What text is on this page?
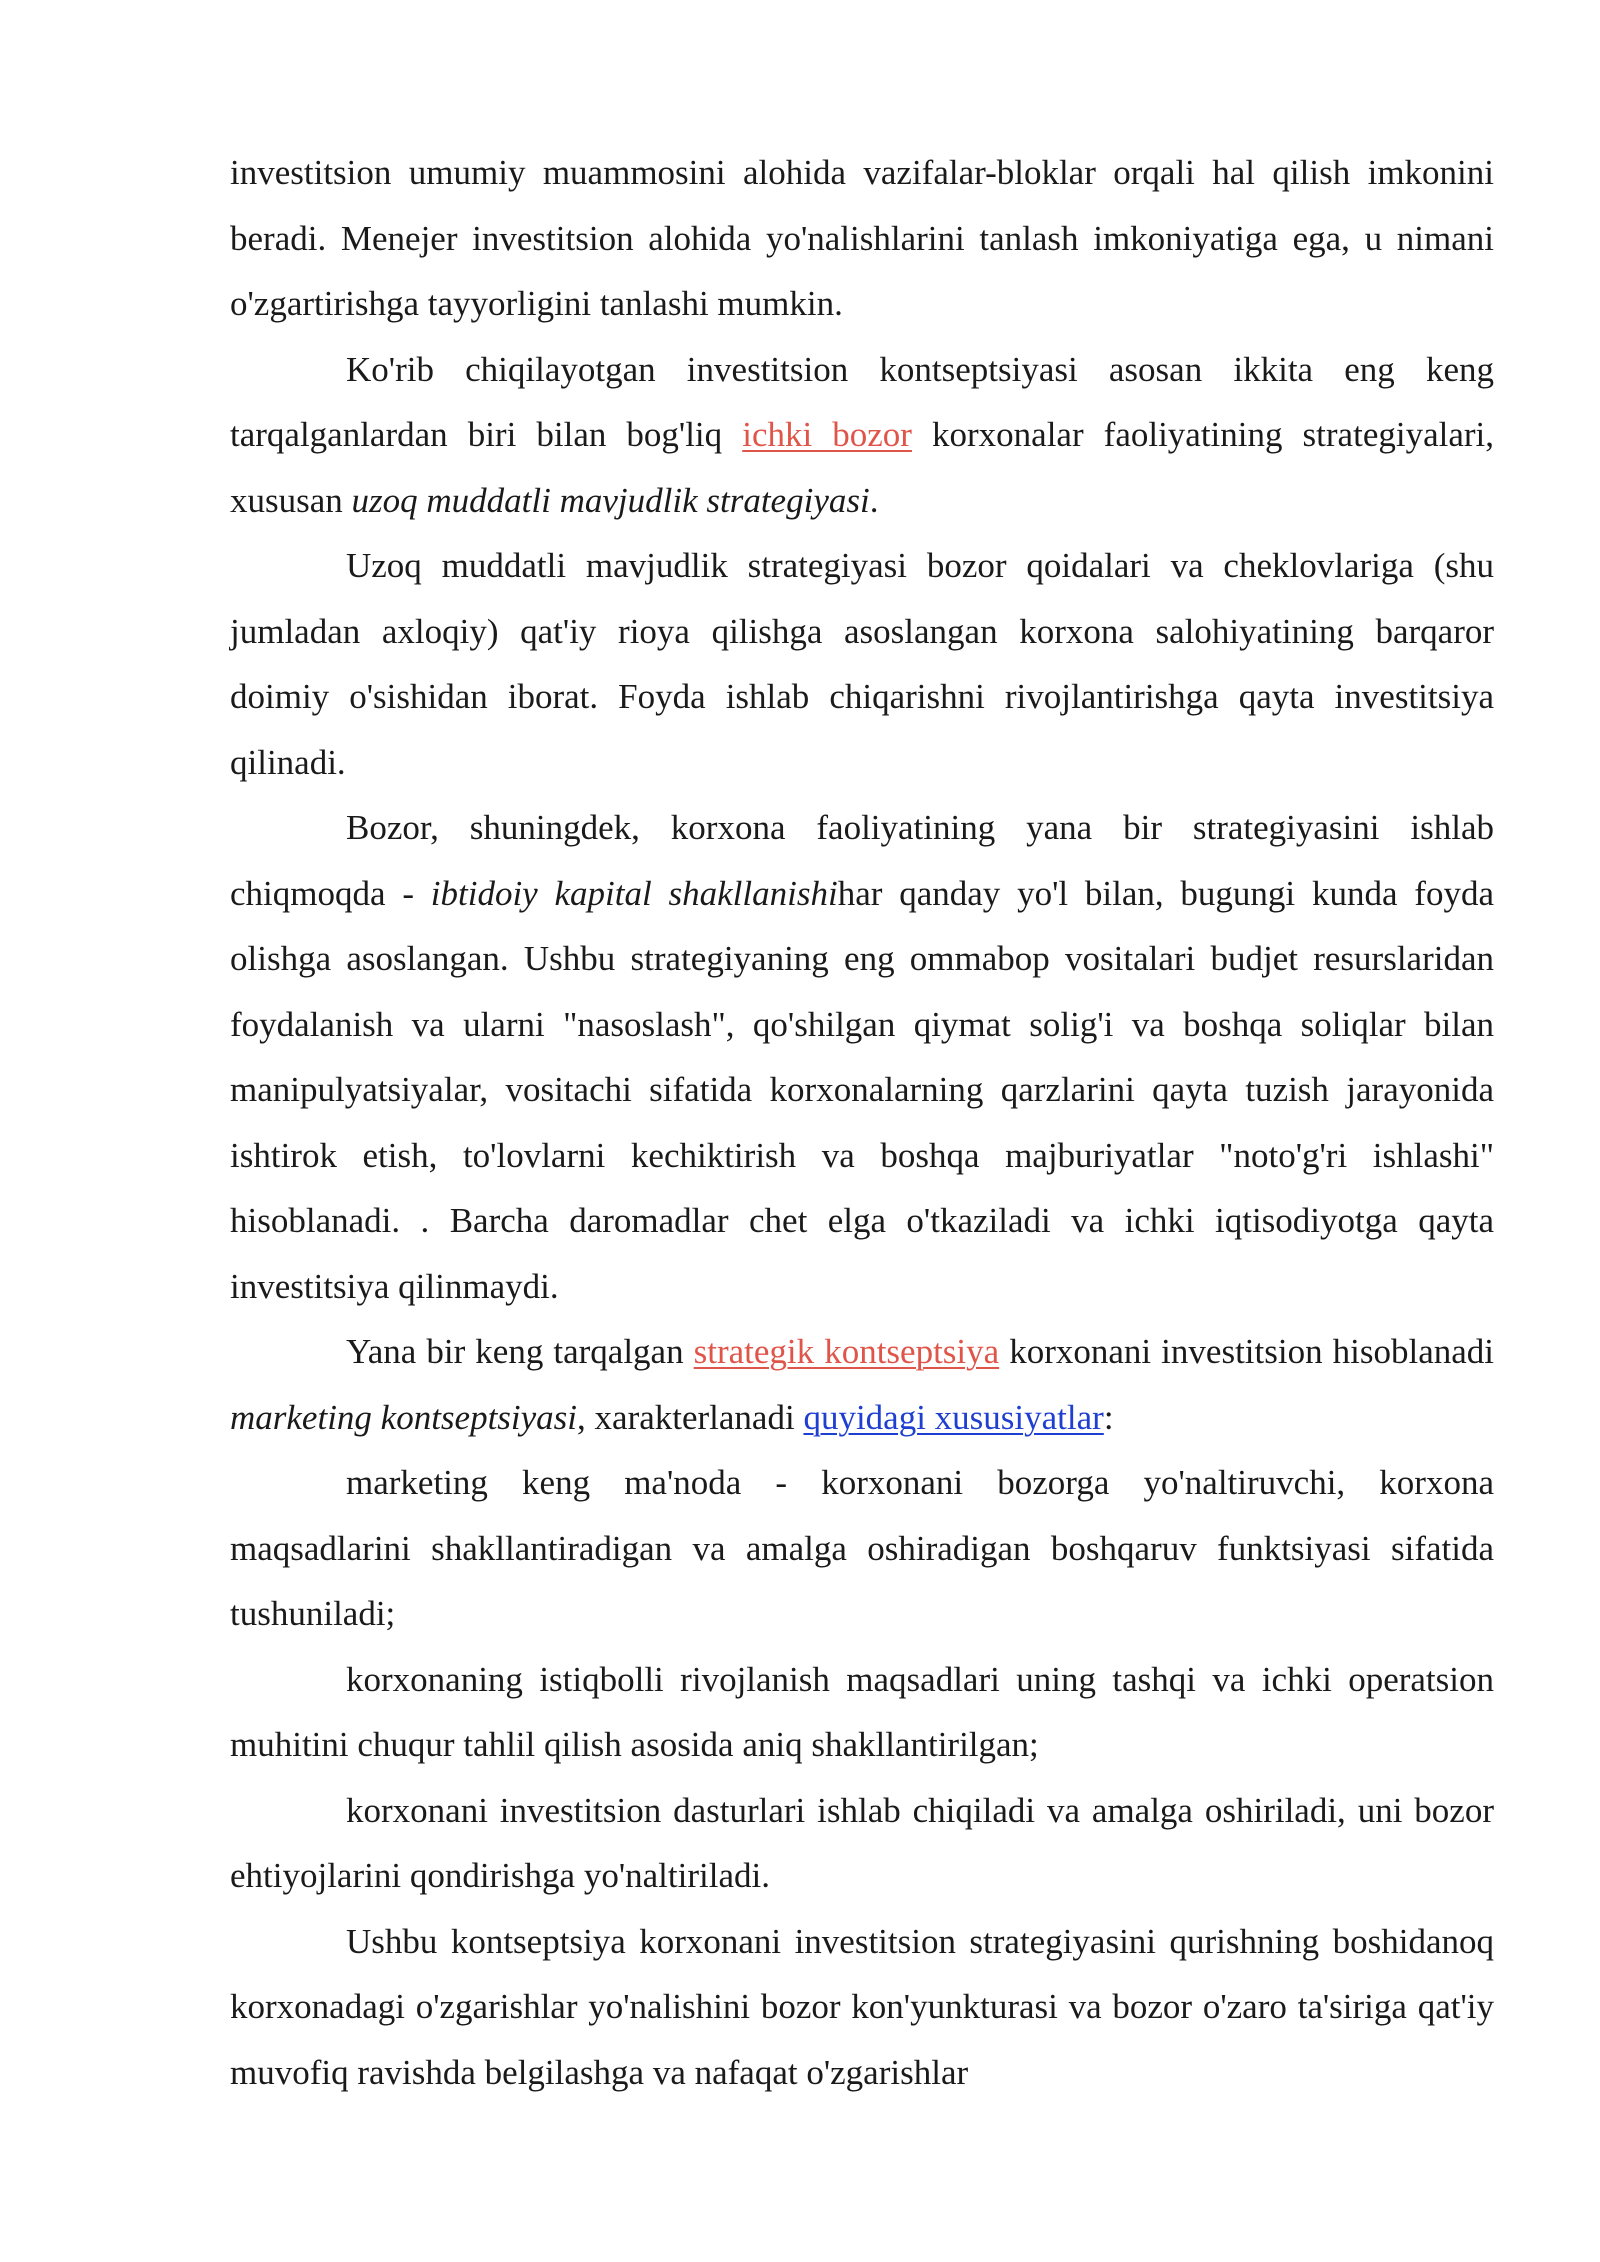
investitsion umumiy muammosini alohida vazifalar-bloklar orqali hal qilish imkonini beradi. Menejer investitsion alohida yo'nalishlarini tanlash imkoniyatiga ega, u nimani o'zgartirishga tayyorligini tanlashi mumkin.

Ko'rib chiqilayotgan investitsion kontseptsiyasi asosan ikkita eng keng tarqalganlardan biri bilan bog'liq ichki bozor korxonalar faoliyatining strategiyalari, xususan uzoq muddatli mavjudlik strategiyasi.

Uzoq muddatli mavjudlik strategiyasi bozor qoidalari va cheklovlariga (shu jumladan axloqiy) qat'iy rioya qilishga asoslangan korxona salohiyatining barqaror doimiy o'sishidan iborat. Foyda ishlab chiqarishni rivojlantirishga qayta investitsiya qilinadi.

Bozor, shuningdek, korxona faoliyatining yana bir strategiyasini ishlab chiqmoqda - ibtidoiy kapital shakllanishihar qanday yo'l bilan, bugungi kunda foyda olishga asoslangan. Ushbu strategiyaning eng ommabop vositalari budjet resurslaridan foydalanish va ularni "nasoslash", qo'shilgan qiymat solig'i va boshqa soliqlar bilan manipulyatsiyalar, vositachi sifatida korxonalarning qarzlarini qayta tuzish jarayonida ishtirok etish, to'lovlarni kechiktirish va boshqa majburiyatlar "noto'g'ri ishlashi" hisoblanadi. . Barcha daromadlar chet elga o'tkaziladi va ichki iqtisodiyotga qayta investitsiya qilinmaydi.

Yana bir keng tarqalgan strategik kontseptsiya korxonani investitsion hisoblanadi marketing kontseptsiyasi, xarakterlanadi quyidagi xususiyatlar:

marketing keng ma'noda - korxonani bozorga yo'naltiruvchi, korxona maqsadlarini shakllantiradigan va amalga oshiradigan boshqaruv funktsiyasi sifatida tushuniladi;

korxonaning istiqbolli rivojlanish maqsadlari uning tashqi va ichki operatsion muhitini chuqur tahlil qilish asosida aniq shakllantirilgan;

korxonani investitsion dasturlari ishlab chiqiladi va amalga oshiriladi, uni bozor ehtiyojlarini qondirishga yo'naltiriladi.

Ushbu kontseptsiya korxonani investitsion strategiyasini qurishning boshidanoq korxonadagi o'zgarishlar yo'nalishini bozor kon'yunkturasi va bozor o'zaro ta'siriga qat'iy muvofiq ravishda belgilashga va nafaqat o'zgarishlar
